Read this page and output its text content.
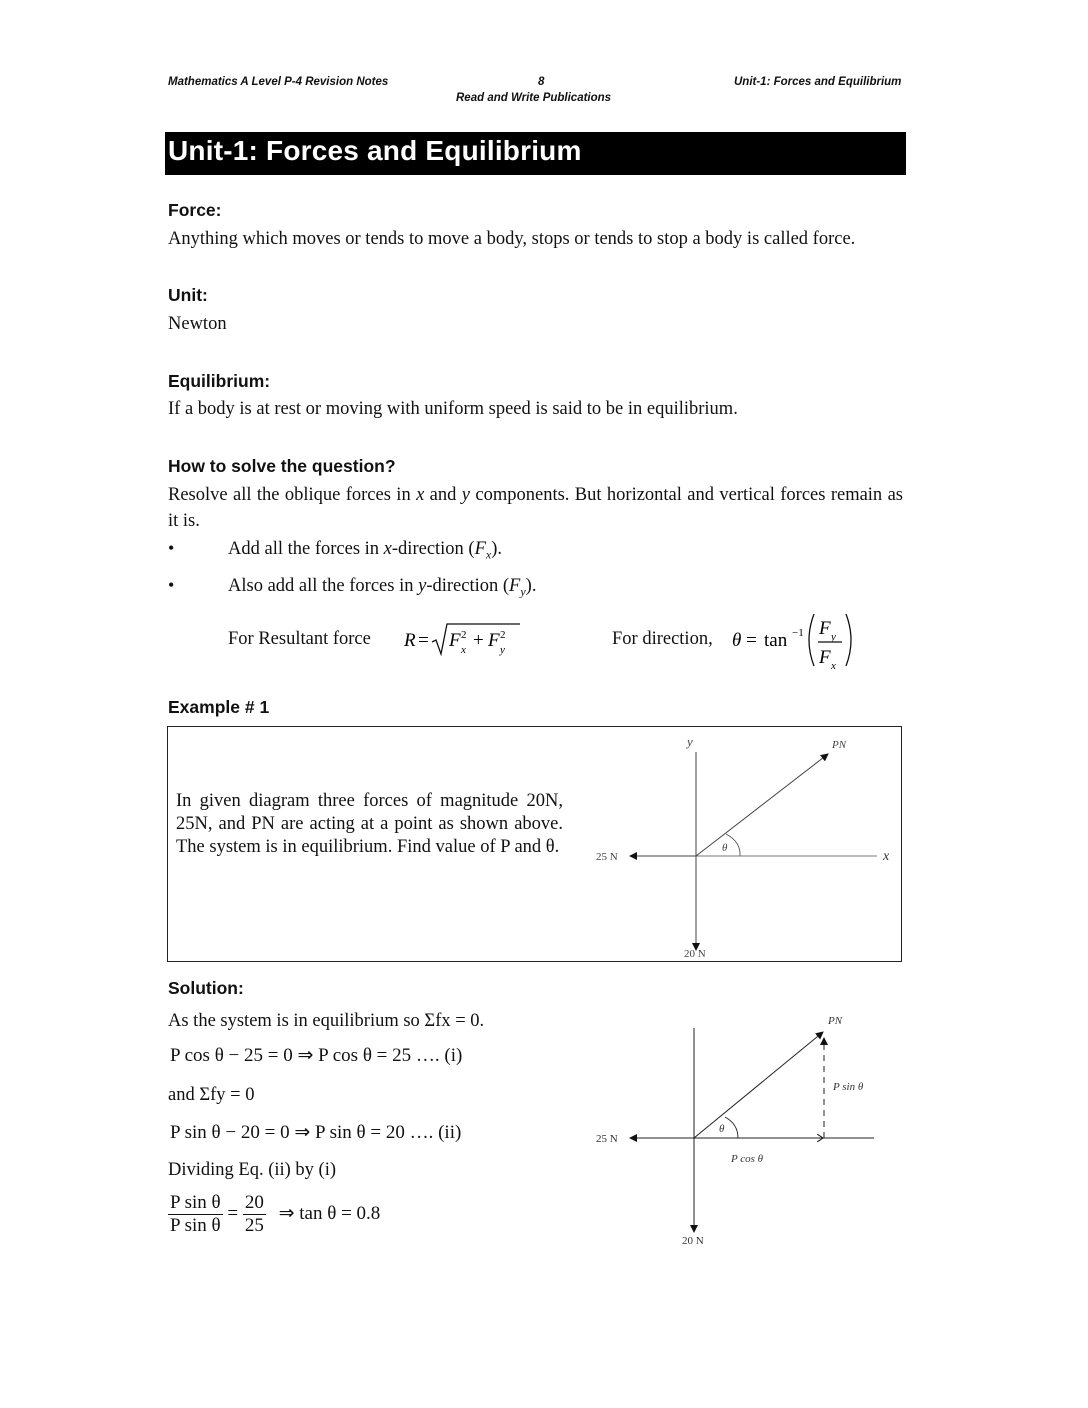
Mathematics A Level P-4 Revision Notes	8
Read and Write Publications
Unit-1: Forces and Equilibrium
Unit-1: Forces and Equilibrium
Force:
Anything which moves or tends to move a body, stops or tends to stop a body is called force.
Unit:
Newton
Equilibrium:
If a body is at rest or moving with uniform speed is said to be in equilibrium.
How to solve the question?
Resolve all the oblique forces in x and y components. But horizontal and vertical forces remain as it is.
•	Add all the forces in x-direction $(F_x)$.
•	Also add all the forces in y-direction $(F_y)$.
For Resultant force R = F 2
x + F 2
y
For direction, θ = tan −1 F y
F x
Example # 1
In given diagram three forces of magnitude 20N, 25N, and PN are acting at a point as shown above. The system is in equilibrium. Find value of P and θ.
y
x
PN
25 N
20 N
θ
Solution:
As the system is in equilibrium so Σfx = 0.
P cos θ − 25 = 0 ⇒ P cos θ = 25 …. (i)
and Σfy = 0
P sin θ − 20 = 0 ⇒ P sin θ = 20 …. (ii)
Dividing Eq. (ii) by (i)
$\frac{\text{P sin θ}}{\text{P sin θ}} = \frac{20}{25}$ ⇒ tan θ = 0.8
PN
25 N
20 N
θ
P sin θ
P cos θ
